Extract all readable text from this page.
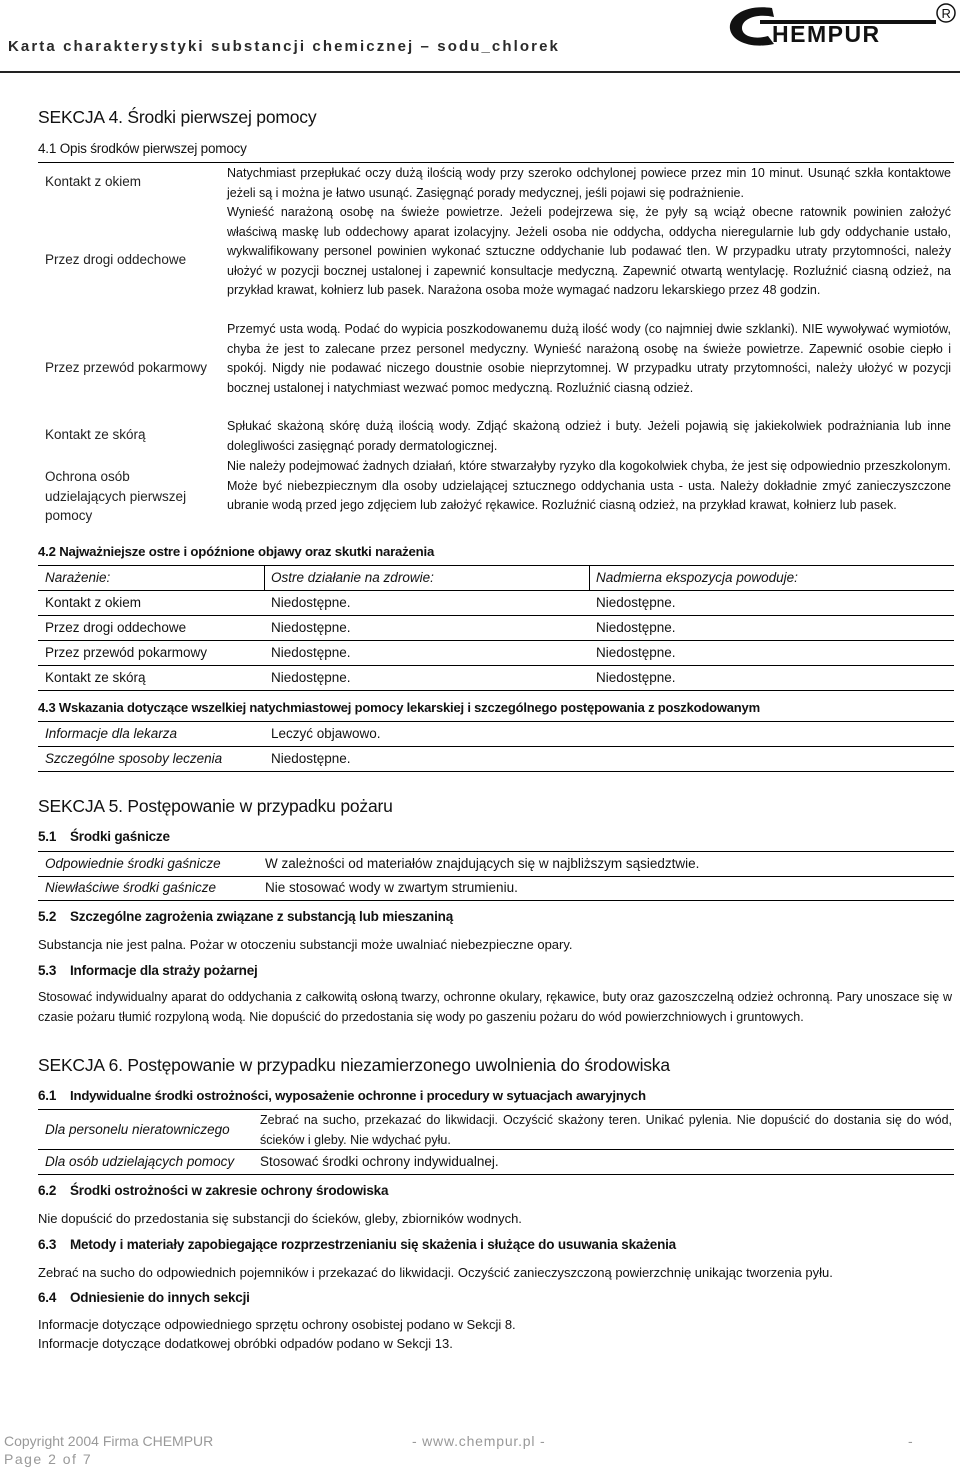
Karta charakterystyki substancji chemicznej – sodu_chlorek	HEMPUR
R
SEKCJA 4. Środki pierwszej pomocy
4.1 Opis środków pierwszej pomocy
Kontakt z okiem
Natychmiast przepłukać oczy dużą ilością wody przy szeroko odchylonej powiece przez min 10 minut. Usunąć szkła kontaktowe jeżeli są i można je łatwo usunąć. Zasięgnąć porady medycznej, jeśli pojawi się podrażnienie.
Przez drogi oddechowe
Wynieść narażoną osobę na świeże powietrze. Jeżeli podejrzewa się, że pyły są wciąż obecne ratownik powinien założyć właściwą maskę lub oddechowy aparat izolacyjny. Jeżeli osoba nie oddycha, oddycha nieregularnie lub gdy oddychanie ustało, wykwalifikowany personel powinien wykonać sztuczne oddychanie lub podawać tlen. W przypadku utraty przytomności, należy ułożyć w pozycji bocznej ustalonej i zapewnić konsultacje medyczną. Zapewnić otwartą wentylację. Rozluźnić ciasną odzież, na przykład krawat, kołnierz lub pasek. Narażona osoba może wymagać nadzoru lekarskiego przez 48 godzin.
Przez przewód pokarmowy
Przemyć usta wodą. Podać do wypicia poszkodowanemu dużą ilość wody (co najmniej dwie szklanki). NIE wywoływać wymiotów, chyba że jest to zalecane przez personel medyczny. Wynieść narażoną osobę na świeże powietrze. Zapewnić osobie ciepło i spokój. Nigdy nie podawać niczego doustnie osobie nieprzytomnej. W przypadku utraty przytomności, należy ułożyć w pozycji bocznej ustalonej i natychmiast wezwać pomoc medyczną. Rozluźnić ciasną odzież.
Kontakt ze skórą
Spłukać skażoną skórę dużą ilością wody. Zdjąć skażoną odzież i buty. Jeżeli pojawią się jakiekolwiek podrażniania lub inne dolegliwości zasięgnąć porady dermatologicznej.
Ochrona osób udzielających pierwszej pomocy
Nie należy podejmować żadnych działań, które stwarzałyby ryzyko dla kogokolwiek chyba, że jest się odpowiednio przeszkolonym. Może być niebezpiecznym dla osoby udzielającej sztucznego oddychania usta - usta. Należy dokładnie zmyć zanieczyszczone ubranie wodą przed jego zdjęciem lub założyć rękawice. Rozluźnić ciasną odzież, na przykład krawat, kołnierz lub pasek.
4.2 Najważniejsze ostre i opóźnione objawy oraz skutki narażenia
Narażenie:	Ostre działanie na zdrowie:	Nadmierna ekspozycja powoduje:
Kontakt z okiem	Niedostępne.	Niedostępne.
Przez drogi oddechowe	Niedostępne.	Niedostępne.
Przez przewód pokarmowy	Niedostępne.	Niedostępne.
Kontakt ze skórą	Niedostępne.	Niedostępne.
4.3 Wskazania dotyczące wszelkiej natychmiastowej pomocy lekarskiej i szczególnego postępowania z poszkodowanym
Informacje dla lekarza	Leczyć objawowo.
Szczególne sposoby leczenia	Niedostępne.
SEKCJA 5. Postępowanie w przypadku pożaru
5.1 Środki gaśnicze
Odpowiednie środki gaśnicze	W zależności od materiałów znajdujących się w najbliższym sąsiedztwie.
Niewłaściwe środki gaśnicze	Nie stosować wody w zwartym strumieniu.
5.2 Szczególne zagrożenia związane z substancją lub mieszaniną
Substancja nie jest palna. Pożar w otoczeniu substancji może uwalniać niebezpieczne opary.
5.3 Informacje dla straży pożarnej
Stosować indywidualny aparat do oddychania z całkowitą osłoną twarzy, ochronne okulary, rękawice, buty oraz gazoszczelną odzież ochronną. Pary unoszace się w czasie pożaru tłumić rozpyloną wodą. Nie dopuścić do przedostania się wody po gaszeniu pożaru do wód powierzchniowych i gruntowych.
SEKCJA 6. Postępowanie w przypadku niezamierzonego uwolnienia do środowiska
6.1 Indywidualne środki ostrożności, wyposażenie ochronne i procedury w sytuacjach awaryjnych
Dla personelu nieratowniczego
Zebrać na sucho, przekazać do likwidacji. Oczyścić skażony teren. Unikać pylenia. Nie dopuścić do dostania się do wód, ścieków i gleby. Nie wdychać pyłu.
Dla osób udzielających pomocy Stosować środki ochrony indywidualnej.
6.2 Środki ostrożności w zakresie ochrony środowiska
Nie dopuścić do przedostania się substancji do ścieków, gleby, zbiorników wodnych.
6.3 Metody i materiały zapobiegające rozprzestrzenianiu się skażenia i służące do usuwania skażenia
Zebrać na sucho do odpowiednich pojemników i przekazać do likwidacji. Oczyścić zanieczyszczoną powierzchnię unikając tworzenia pyłu.
6.4 Odniesienie do innych sekcji
Informacje dotyczące odpowiedniego sprzętu ochrony osobistej podano w Sekcji 8.
Informacje dotyczące dodatkowej obróbki odpadów podano w Sekcji 13.
Copyright 2004 Firma CHEMPUR	- www.chempur.pl -	-
Page 2 of 7
